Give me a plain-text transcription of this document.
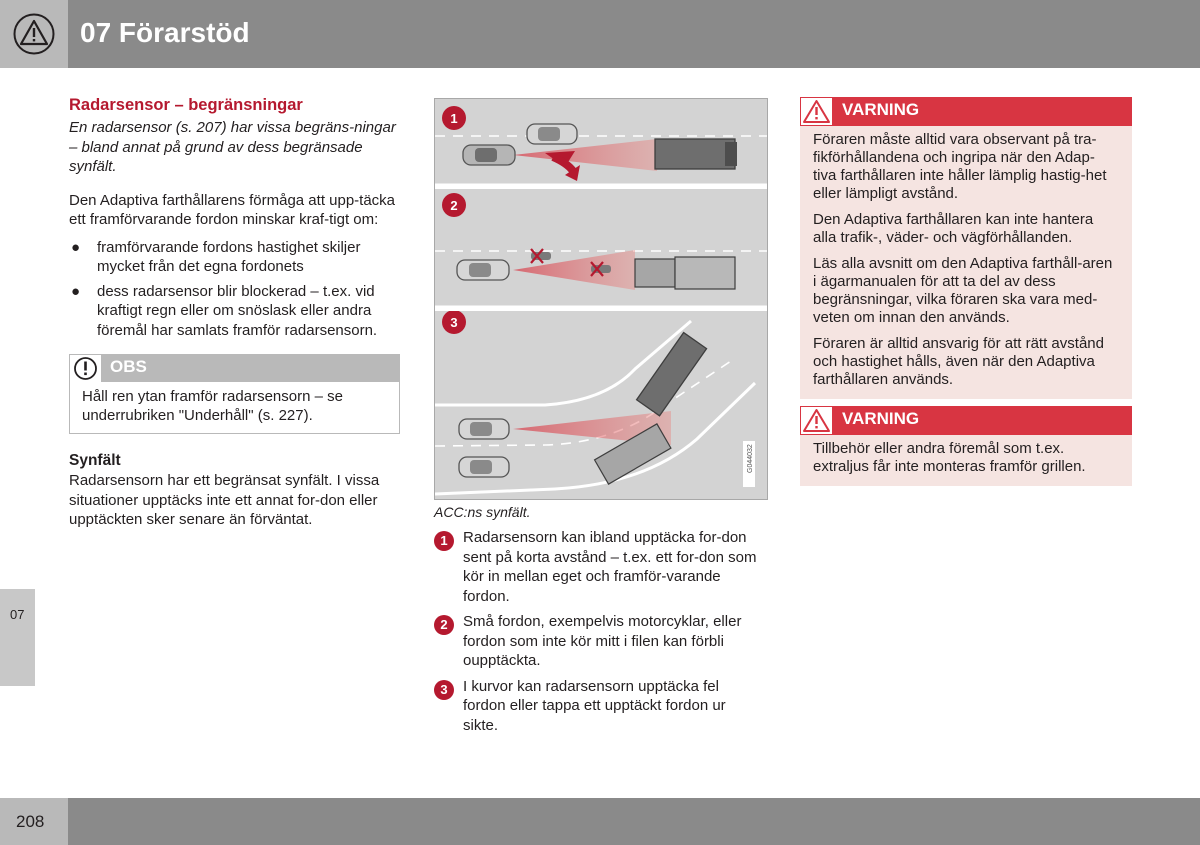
07 Förarstöd
07
Radarsensor – begränsningar
En radarsensor (s. 207) har vissa begräns-ningar – bland annat på grund av dess begränsade synfält.
Den Adaptiva farthållarens förmåga att upp-täcka ett framförvarande fordon minskar kraf-tigt om:
● framförvarande fordons hastighet skiljer mycket från det egna fordonets
● dess radarsensor blir blockerad – t.ex. vid kraftigt regn eller om snöslask eller andra föremål har samlats framför radarsensorn.
OBS
Håll ren ytan framför radarsensorn – se underrubriken "Underhåll" (s. 227).
Synfält
Radarsensorn har ett begränsat synfält. I vissa situationer upptäcks inte ett annat for-don eller upptäckten sker senare än förväntat.
1
2
3
G044032
ACC:ns synfält.
1	Radarsensorn kan ibland upptäcka for-don sent på korta avstånd – t.ex. ett for-don som kör in mellan eget och framför-varande fordon.
2	Små fordon, exempelvis motorcyklar, eller fordon som inte kör mitt i filen kan förbli oupptäckta.
3	I kurvor kan radarsensorn upptäcka fel fordon eller tappa ett upptäckt fordon ur sikte.
VARNING

Föraren måste alltid vara observant på tra-fikförhållandena och ingripa när den Adap-tiva farthållaren inte håller lämplig hastig-het eller lämpligt avstånd.

Den Adaptiva farthållaren kan inte hantera alla trafik-, väder- och vägförhållanden.

Läs alla avsnitt om den Adaptiva farthåll-aren i ägarmanualen för att ta del av dess begränsningar, vilka föraren ska vara med-veten om innan den används.

Föraren är alltid ansvarig för att rätt avstånd och hastighet hålls, även när den Adaptiva farthållaren används.

VARNING

Tillbehör eller andra föremål som t.ex. extraljus får inte monteras framför grillen.

208
